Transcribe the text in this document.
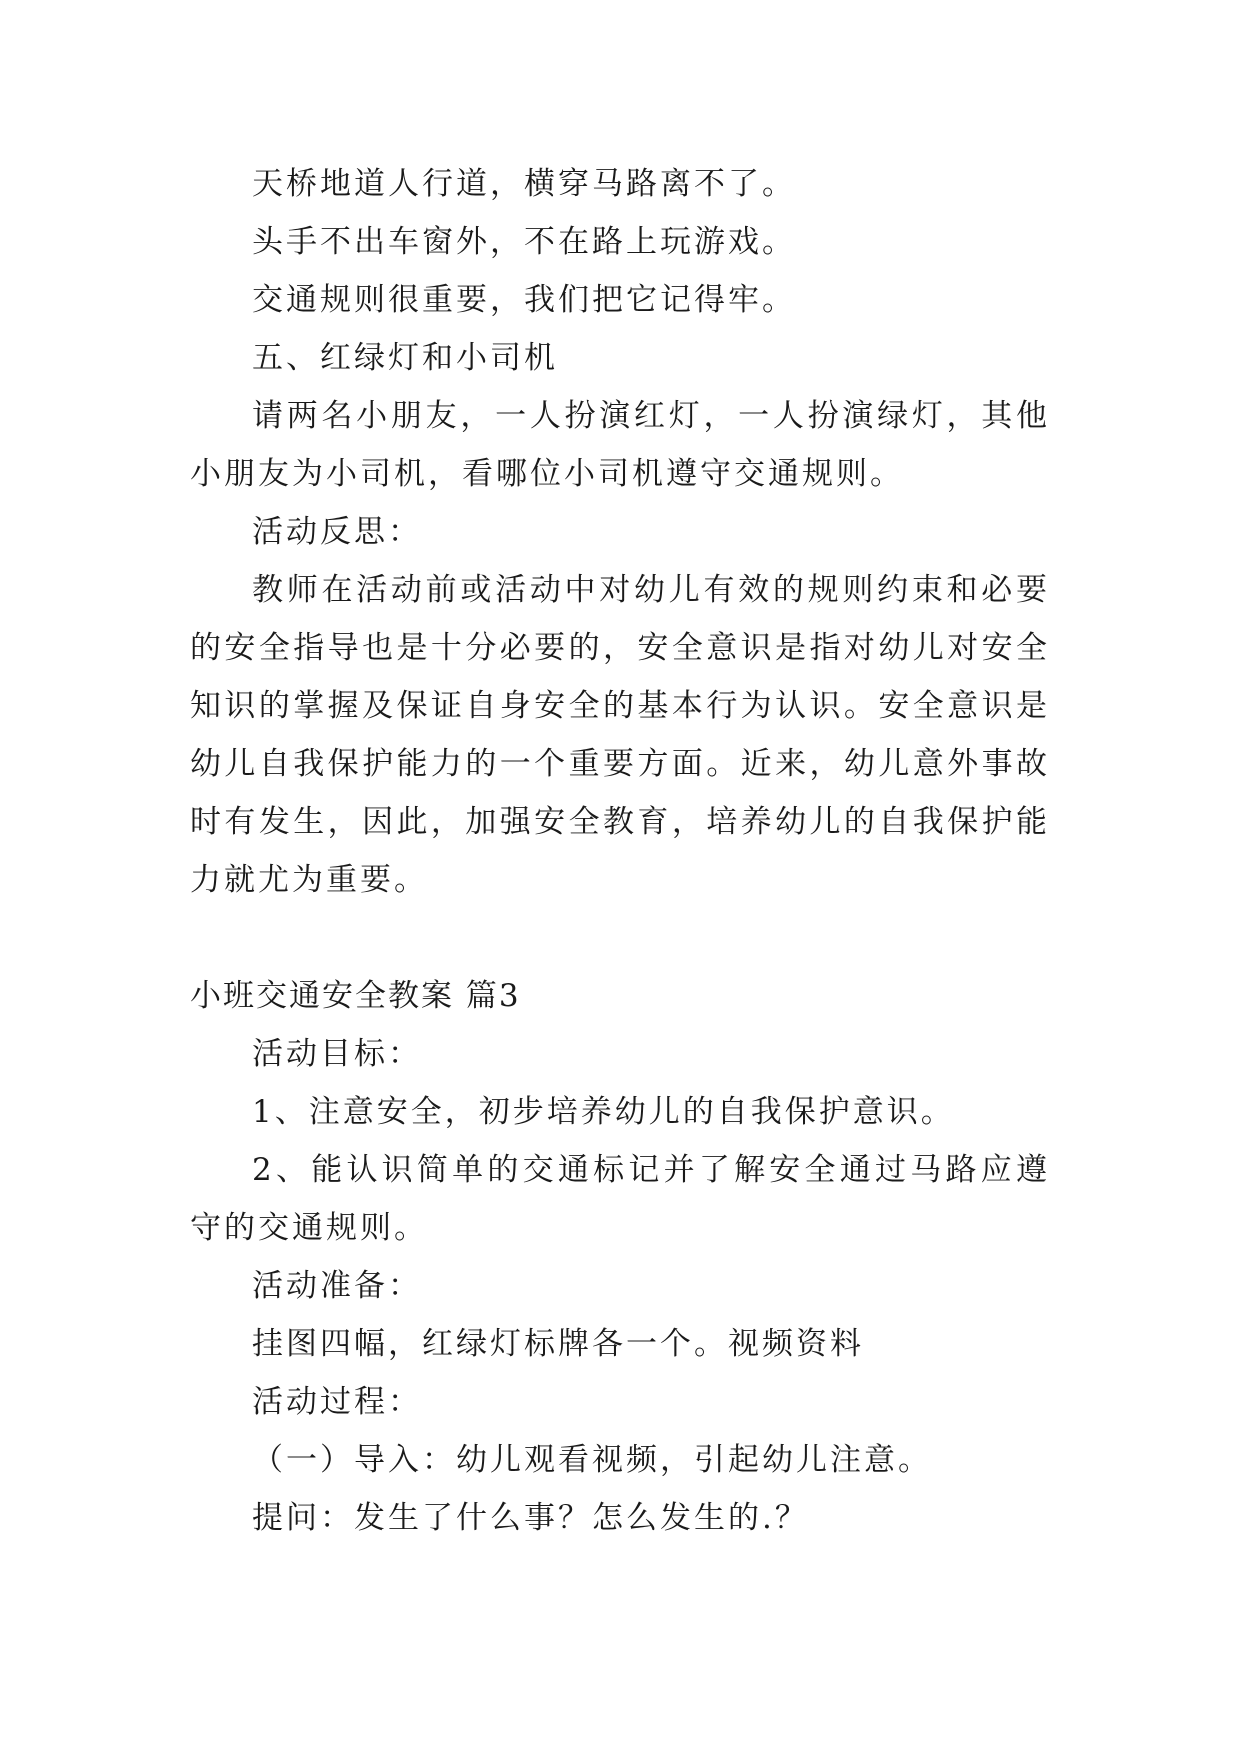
天桥地道人行道，横穿马路离不了。

头手不出车窗外，不在路上玩游戏。

交通规则很重要，我们把它记得牢。

五、红绿灯和小司机

请两名小朋友，一人扮演红灯，一人扮演绿灯，其他小朋友为小司机，看哪位小司机遵守交通规则。

活动反思：

教师在活动前或活动中对幼儿有效的规则约束和必要的安全指导也是十分必要的，安全意识是指对幼儿对安全知识的掌握及保证自身安全的基本行为认识。安全意识是幼儿自我保护能力的一个重要方面。近来，幼儿意外事故时有发生，因此，加强安全教育，培养幼儿的自我保护能力就尤为重要。

小班交通安全教案 篇3

活动目标：

1、注意安全，初步培养幼儿的自我保护意识。

2、能认识简单的交通标记并了解安全通过马路应遵守的交通规则。

活动准备：

挂图四幅，红绿灯标牌各一个。视频资料

活动过程：

（一）导入：幼儿观看视频，引起幼儿注意。

提问：发生了什么事？怎么发生的.？
